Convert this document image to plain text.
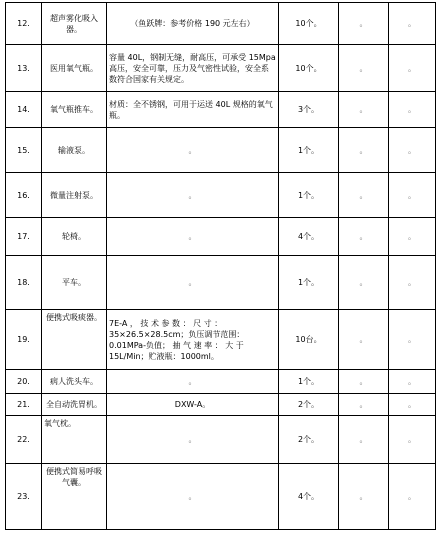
12.	超声雾化吸入器。	（鱼跃牌：参考价格 190 元左右）	10个。	。	。
13.	医用氧气瓶。	容量 40L，钢制无缝，耐高压，可承受 15Mpa 高压，安全可靠，压力及气密性试验，安全系数符合国家有关规定。	10个。	。	。
14.	氧气瓶推车。	材质：全不锈钢，可用于运送 40L 规格的氧气瓶。	3个。	。	。
15.	输液泵。	。	1个。	。	。
16.	微量注射泵。	。	1个。	。	。
17.	轮椅。	。	4个。	。	。
18.	平车。	。	1个。	。	。
19.	便携式吸痰器。	7E-A ， 技 术 参 数 ： 尺 寸 ： 35×26.5×28.5cm；负压调节范围：0.01MPa-负值； 抽 气 速 率 ： 大 于 15L/Min；贮液瓶：1000ml。	10台。	。	。
20.	病人洗头车。	。	1个。	。	。
21.	全自动洗胃机。	DXW-A。	2个。	。	。
22.	氧气枕。	。	2个。	。	。
23.	便携式简易呼吸气囊。	。	4个。	。	。
